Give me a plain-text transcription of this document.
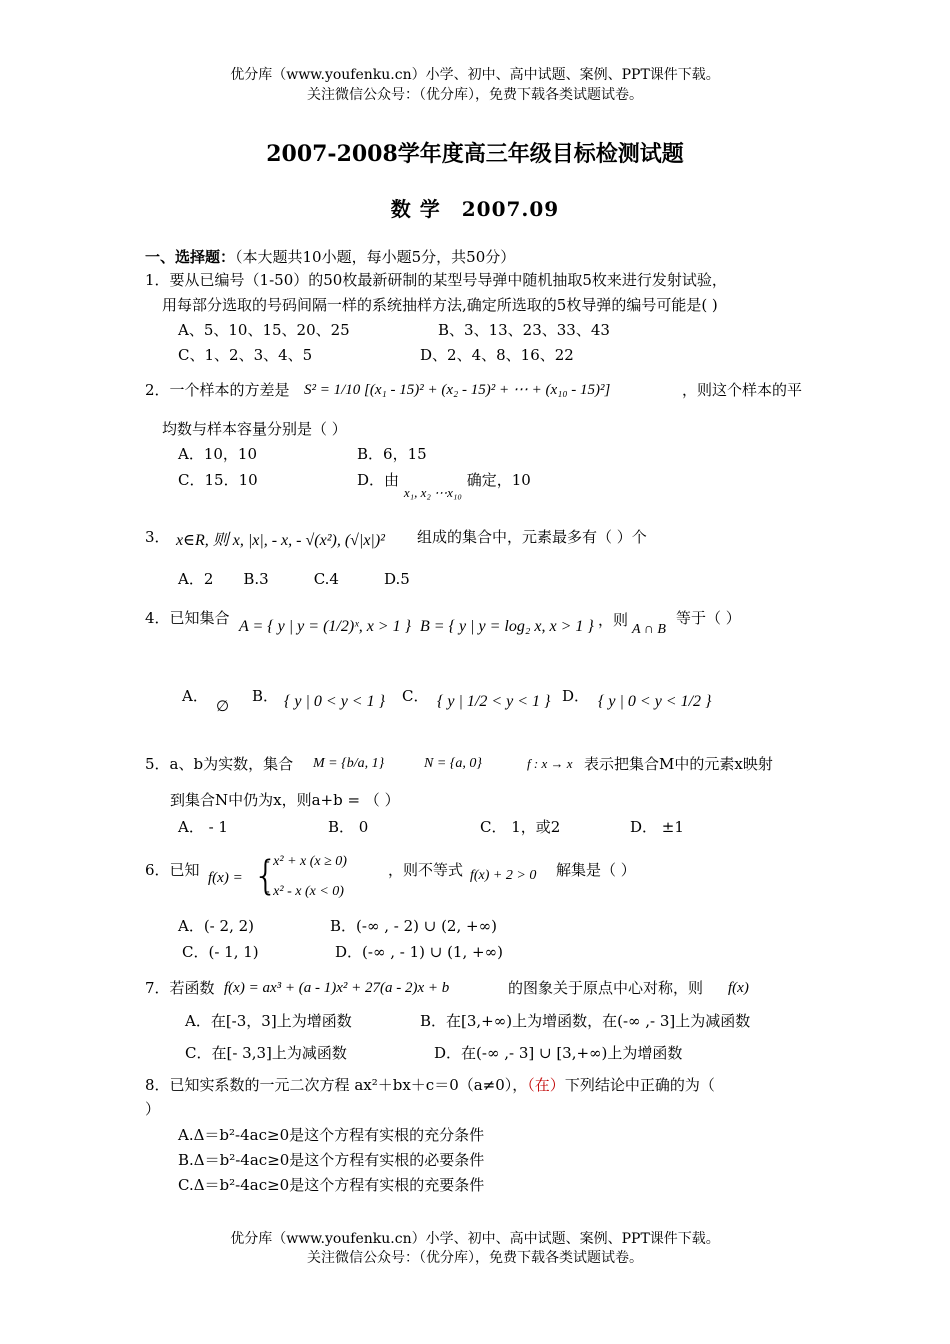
优分库（www.youfenku.cn）小学、初中、高中试题、案例、PPT课件下载。
关注微信公众号：（优分库），免费下载各类试题试卷。
2007-2008学年度高三年级目标检测试题
数 学　2007.09
一、选择题：（本大题共10小题，每小题5分，共50分）
1．要从已编号（1-50）的50枚最新研制的某型号导弹中随机抽取5枚来进行发射试验，
用每部分选取的号码间隔一样的系统抽样方法,确定所选取的5枚导弹的编号可能是( )
A、5、10、15、20、25	B、3、13、23、33、43
C、1、2、3、4、5	D、2、4、8、16、22
2．一个样本的方差是 S² = 1/10 [(x₁ - 15)² + (x₂ - 15)² + ⋯ + (x₁₀ - 15)²]	，则这个样本的平
均数与样本容量分别是（ ）
A．10，10	B．6，15
C．15．10	D．由 x₁, x₂ ⋯x₁₀ 确定，10
3． x∈R, 则 x, |x|, - x, - √(x²), (√|x|)² 组成的集合中，元素最多有（ ）个
A．2　　B.3　　　C.4　　　D.5
4．已知集合 A = { y | y = (1/2)ˣ, x > 1 } B = { y | y = log₂ x, x > 1 } ，则
A ∩ B
等于（ ）
A．
∅
B． { y | 0 < y < 1 } C． { y | 1/2 < y < 1 } D． { y | 0 < y < 1/2 }
5．a、b为实数，集合 M = {b/a, 1}	N = {a, 0}	f : x → x 表示把集合M中的元素x映射
到集合N中仍为x，则a+b = （ ）
A． - 1	B． 0	C． 1，或2	D． ±1
6．已知 f(x) = {
- x² + x (x ≥ 0)
- x² - x (x < 0)
，则不等式 f(x) + 2 > 0 解集是（ ）
A．(- 2, 2)	B．(-∞ , - 2) ∪ (2, +∞)
C．(- 1, 1)	D．(-∞ , - 1) ∪ (1, +∞)
7．若函数 f(x) = ax³ + (a - 1)x² + 27(a - 2)x + b	的图象关于原点中心对称，则 f(x)
A．在[-3，3]上为增函数	B．在[3,+∞)上为增函数，在(-∞ ,- 3]上为减函数
C．在[- 3,3]上为减函数	D．在(-∞ ,- 3] ∪ [3,+∞)上为增函数
8．已知实系数的一元二次方程 ax²＋bx＋c＝0（a≠0），（在）下列结论中正确的为（
）
A.Δ＝b²-4ac≥0是这个方程有实根的充分条件
B.Δ＝b²-4ac≥0是这个方程有实根的必要条件
C.Δ＝b²-4ac≥0是这个方程有实根的充要条件
优分库（www.youfenku.cn）小学、初中、高中试题、案例、PPT课件下载。
关注微信公众号：（优分库），免费下载各类试题试卷。
